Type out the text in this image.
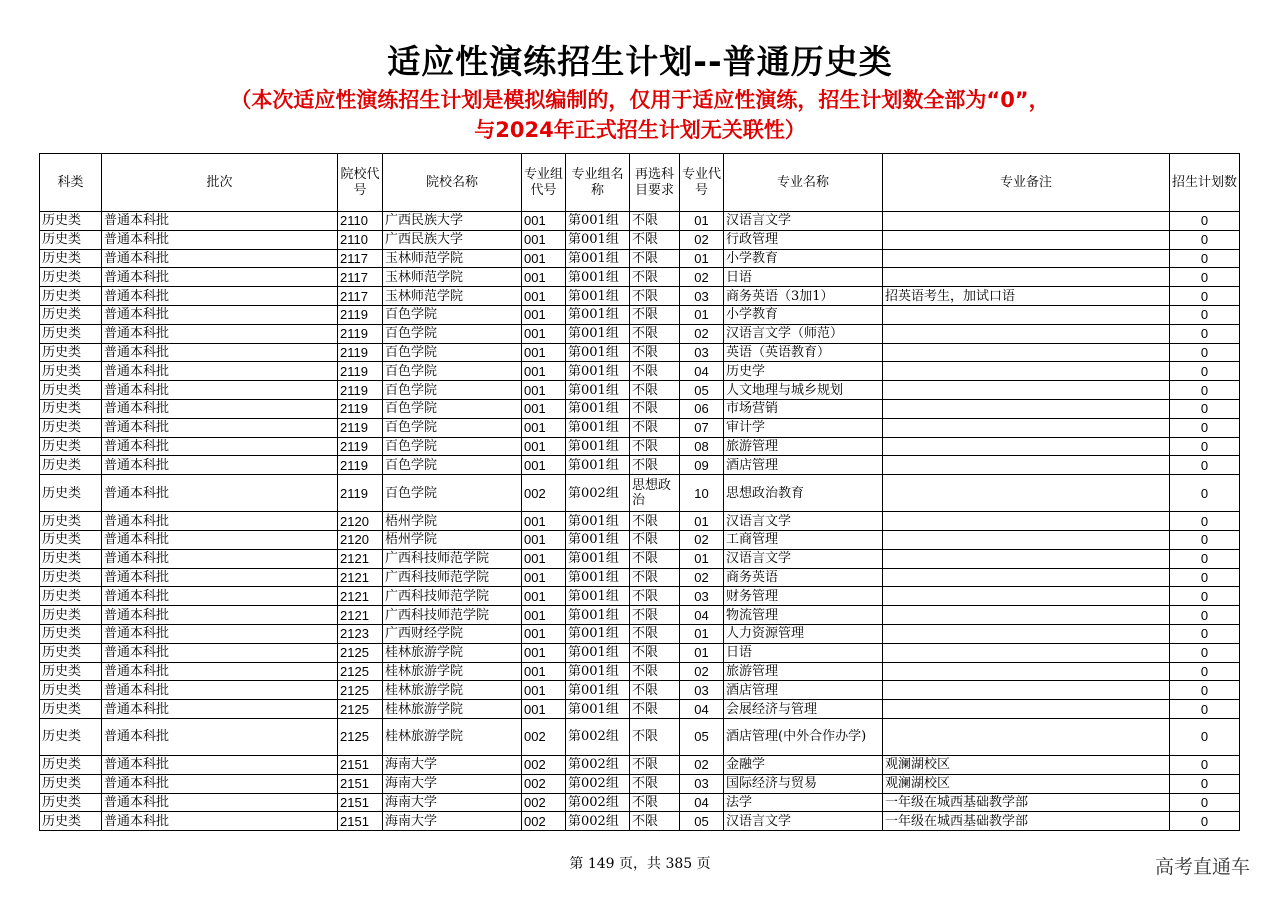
适应性演练招生计划--普通历史类
（本次适应性演练招生计划是模拟编制的，仅用于适应性演练，招生计划数全部为“0”，
与2024年正式招生计划无关联性）
科类	批次	院校代号	院校名称	专业组代号	专业组名称	再选科目要求	专业代号	专业名称	专业备注	招生计划数
历史类	普通本科批	2110	广西民族大学	001	第001组	不限	01	汉语言文学		0
历史类	普通本科批	2110	广西民族大学	001	第001组	不限	02	行政管理		0
历史类	普通本科批	2117	玉林师范学院	001	第001组	不限	01	小学教育		0
历史类	普通本科批	2117	玉林师范学院	001	第001组	不限	02	日语		0
历史类	普通本科批	2117	玉林师范学院	001	第001组	不限	03	商务英语（3加1）	招英语考生，加试口语	0
历史类	普通本科批	2119	百色学院	001	第001组	不限	01	小学教育		0
历史类	普通本科批	2119	百色学院	001	第001组	不限	02	汉语言文学（师范）		0
历史类	普通本科批	2119	百色学院	001	第001组	不限	03	英语（英语教育）		0
历史类	普通本科批	2119	百色学院	001	第001组	不限	04	历史学		0
历史类	普通本科批	2119	百色学院	001	第001组	不限	05	人文地理与城乡规划		0
历史类	普通本科批	2119	百色学院	001	第001组	不限	06	市场营销		0
历史类	普通本科批	2119	百色学院	001	第001组	不限	07	审计学		0
历史类	普通本科批	2119	百色学院	001	第001组	不限	08	旅游管理		0
历史类	普通本科批	2119	百色学院	001	第001组	不限	09	酒店管理		0
历史类	普通本科批	2119	百色学院	002	第002组	思想政治	10	思想政治教育		0
历史类	普通本科批	2120	梧州学院	001	第001组	不限	01	汉语言文学		0
历史类	普通本科批	2120	梧州学院	001	第001组	不限	02	工商管理		0
历史类	普通本科批	2121	广西科技师范学院	001	第001组	不限	01	汉语言文学		0
历史类	普通本科批	2121	广西科技师范学院	001	第001组	不限	02	商务英语		0
历史类	普通本科批	2121	广西科技师范学院	001	第001组	不限	03	财务管理		0
历史类	普通本科批	2121	广西科技师范学院	001	第001组	不限	04	物流管理		0
历史类	普通本科批	2123	广西财经学院	001	第001组	不限	01	人力资源管理		0
历史类	普通本科批	2125	桂林旅游学院	001	第001组	不限	01	日语		0
历史类	普通本科批	2125	桂林旅游学院	001	第001组	不限	02	旅游管理		0
历史类	普通本科批	2125	桂林旅游学院	001	第001组	不限	03	酒店管理		0
历史类	普通本科批	2125	桂林旅游学院	001	第001组	不限	04	会展经济与管理		0
历史类	普通本科批	2125	桂林旅游学院	002	第002组	不限	05	酒店管理(中外合作办学)		0
历史类	普通本科批	2151	海南大学	002	第002组	不限	02	金融学	观澜湖校区	0
历史类	普通本科批	2151	海南大学	002	第002组	不限	03	国际经济与贸易	观澜湖校区	0
历史类	普通本科批	2151	海南大学	002	第002组	不限	04	法学	一年级在城西基础教学部	0
历史类	普通本科批	2151	海南大学	002	第002组	不限	05	汉语言文学	一年级在城西基础教学部	0
第 149 页，共 385 页	高考直通车
